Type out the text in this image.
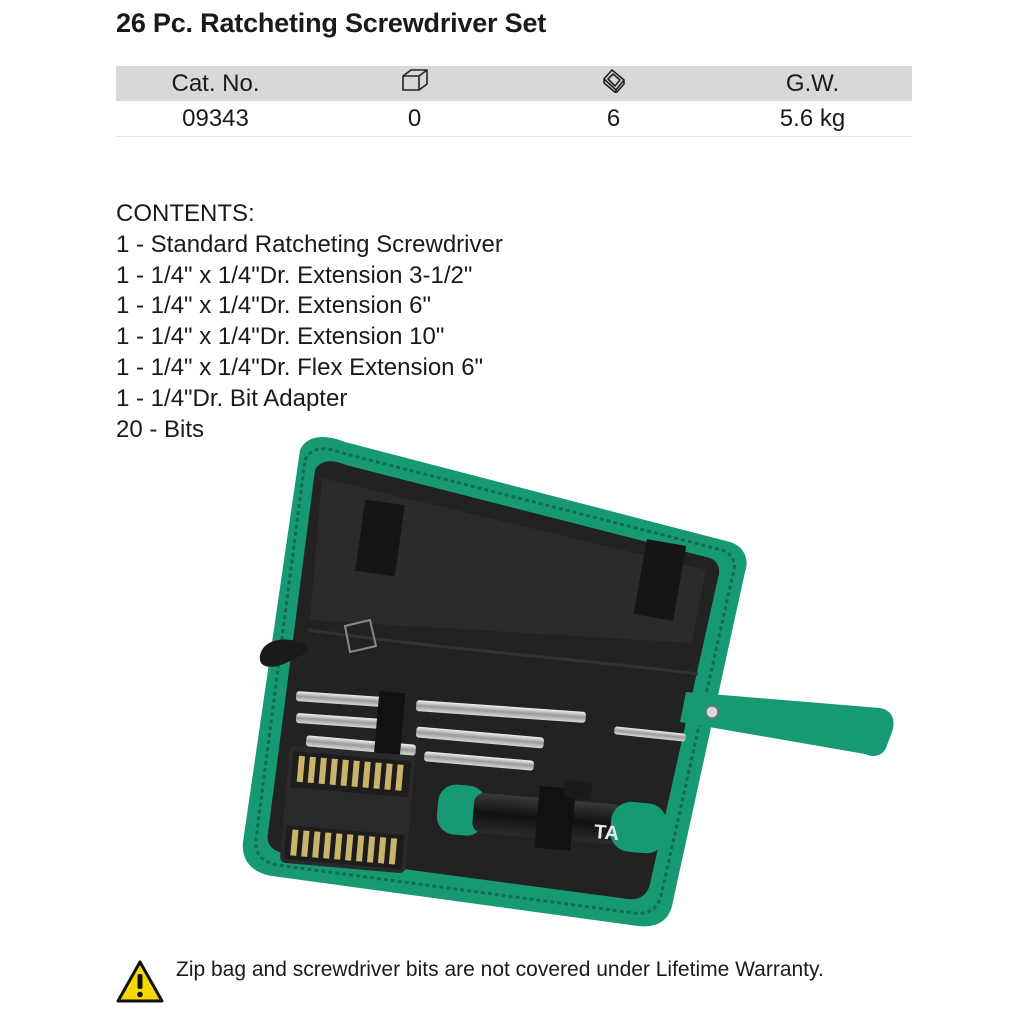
26 Pc. Ratcheting Screwdriver Set
Cat. No.			G.W.
09343	0	6	5.6 kg

CONTENTS:

1 - Standard Ratcheting Screwdriver
1 - 1/4" x 1/4"Dr. Extension 3-1/2"
1 - 1/4" x 1/4"Dr. Extension 6"
1 - 1/4" x 1/4"Dr. Extension 10"
1 - 1/4" x 1/4"Dr. Flex Extension 6"
1 - 1/4"Dr. Bit Adapter
20 - Bits
TA
Zip bag and screwdriver bits are not covered under Lifetime Warranty.
